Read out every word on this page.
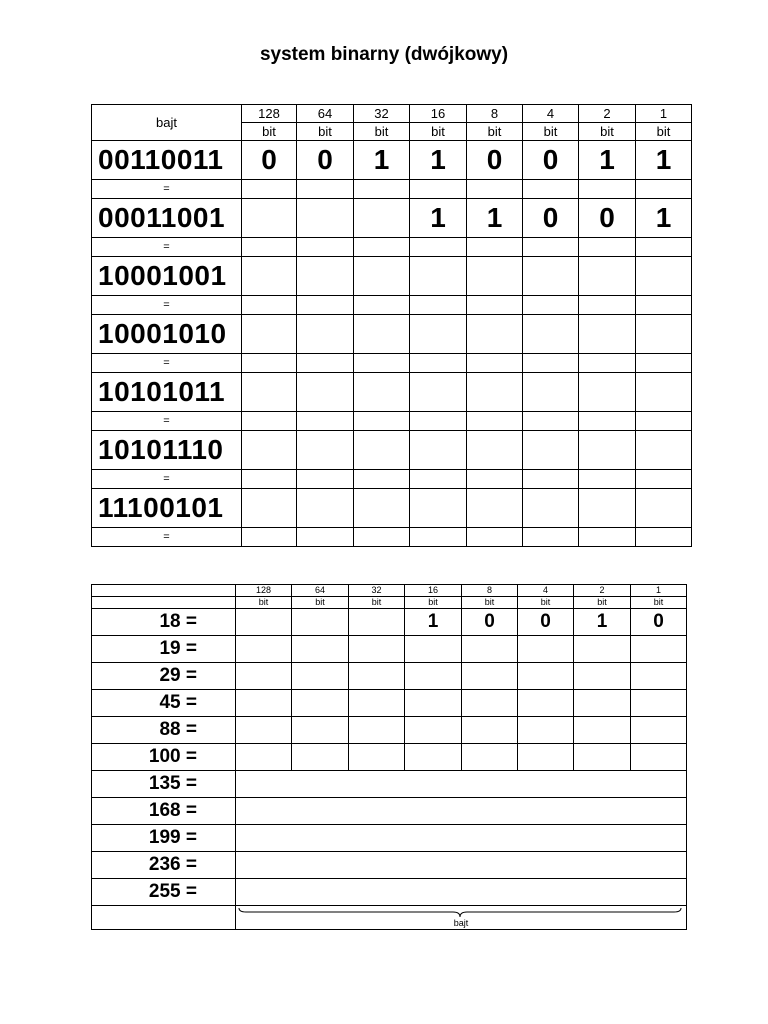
system binarny (dwójkowy)
bajt	128	64	32	16	8	4	2	1
	bit	bit	bit	bit	bit	bit	bit	bit
00110011	0	0	1	1	0	0	1	1
=								
00011001				1	1	0	0	1
=								
10001001								
=								
10001010								
=								
10101011								
=								
10101110								
=								
11100101								
=								
	128	64	32	16	8	4	2	1
	bit	bit	bit	bit	bit	bit	bit	bit
18 =				1	0	0	1	0
19 =								
29 =								
45 =								
88 =								
100 =								
135 =								
168 =								
199 =								
236 =								
255 =								

	bajt							
